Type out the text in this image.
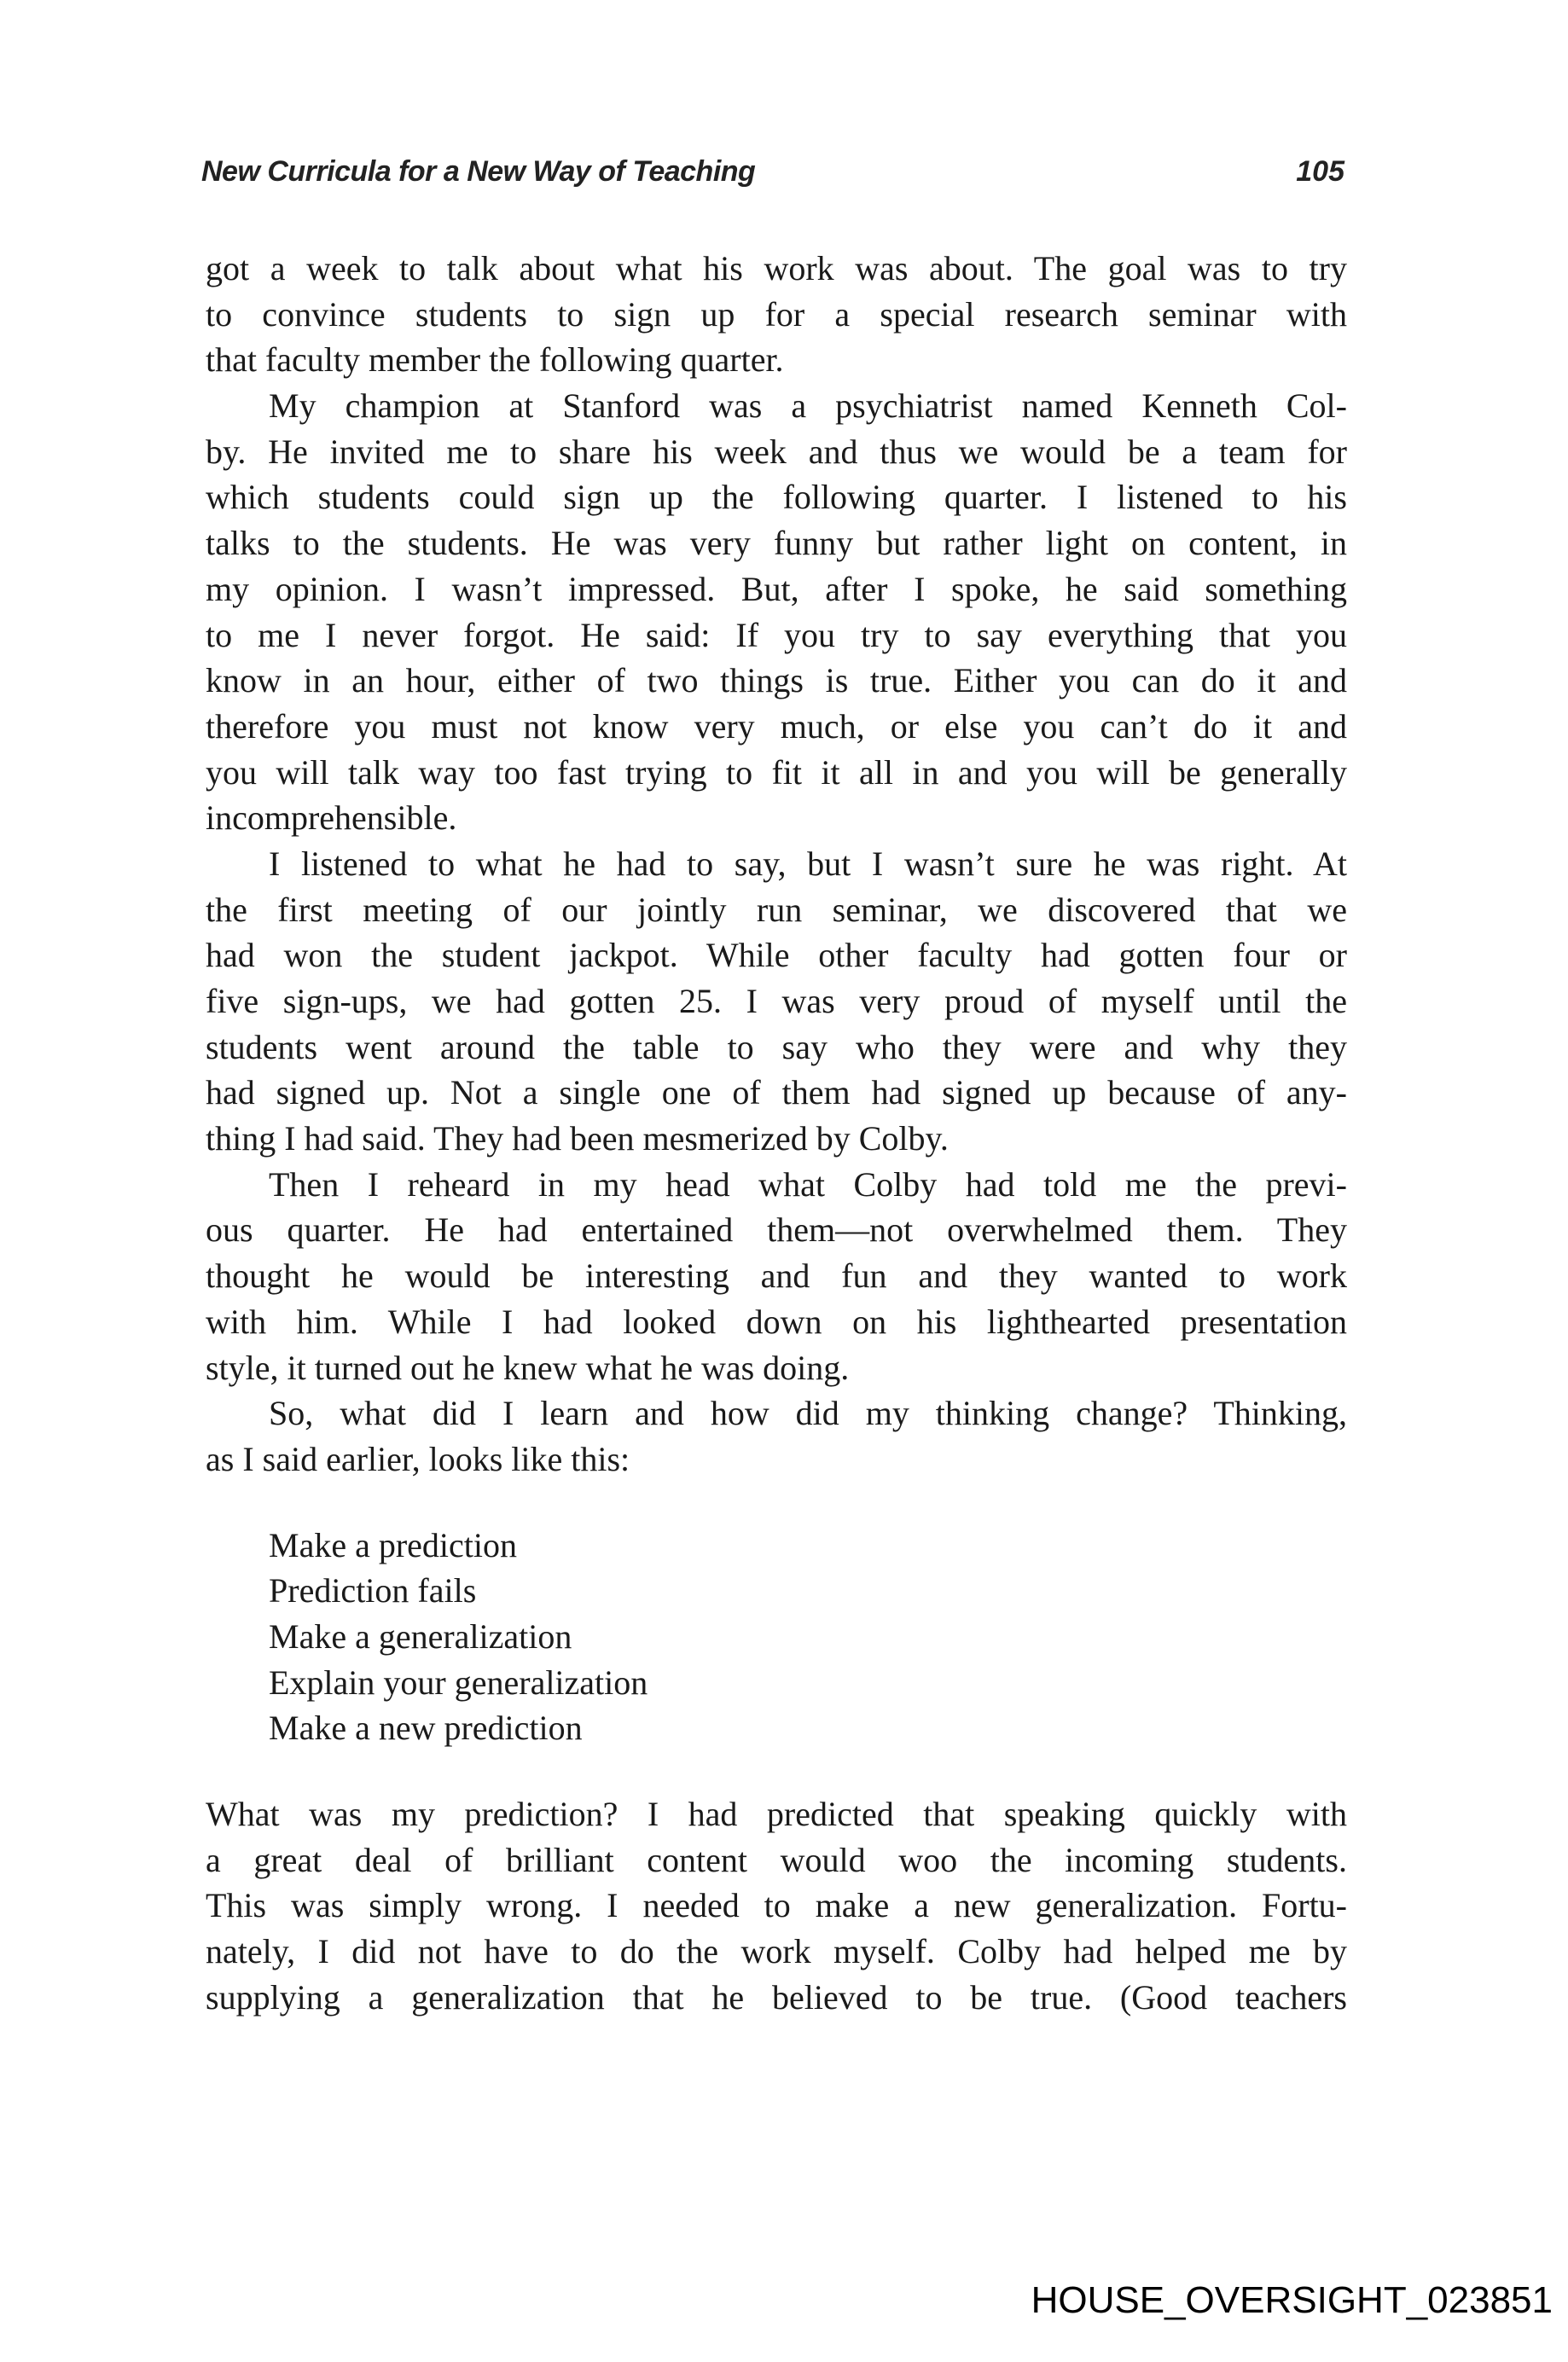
New Curricula for a New Way of Teaching	105
got a week to talk about what his work was about. The goal was to try
to convince students to sign up for a special research seminar with
that faculty member the following quarter.
My champion at Stanford was a psychiatrist named Kenneth Col-
by. He invited me to share his week and thus we would be a team for
which students could sign up the following quarter. I listened to his
talks to the students. He was very funny but rather light on content, in
my opinion. I wasn’t impressed. But, after I spoke, he said something
to me I never forgot. He said: If you try to say everything that you
know in an hour, either of two things is true. Either you can do it and
therefore you must not know very much, or else you can’t do it and
you will talk way too fast trying to fit it all in and you will be generally
incomprehensible.
I listened to what he had to say, but I wasn’t sure he was right. At
the first meeting of our jointly run seminar, we discovered that we
had won the student jackpot. While other faculty had gotten four or
five sign-ups, we had gotten 25. I was very proud of myself until the
students went around the table to say who they were and why they
had signed up. Not a single one of them had signed up because of any-
thing I had said. They had been mesmerized by Colby.
Then I reheard in my head what Colby had told me the previ-
ous quarter. He had entertained them—not overwhelmed them. They
thought he would be interesting and fun and they wanted to work
with him. While I had looked down on his lighthearted presentation
style, it turned out he knew what he was doing.
So, what did I learn and how did my thinking change? Thinking,
as I said earlier, looks like this:
Make a prediction
Prediction fails
Make a generalization
Explain your generalization
Make a new prediction
What was my prediction? I had predicted that speaking quickly with
a great deal of brilliant content would woo the incoming students.
This was simply wrong. I needed to make a new generalization. Fortu-
nately, I did not have to do the work myself. Colby had helped me by
supplying a generalization that he believed to be true. (Good teachers
HOUSE_OVERSIGHT_023851
